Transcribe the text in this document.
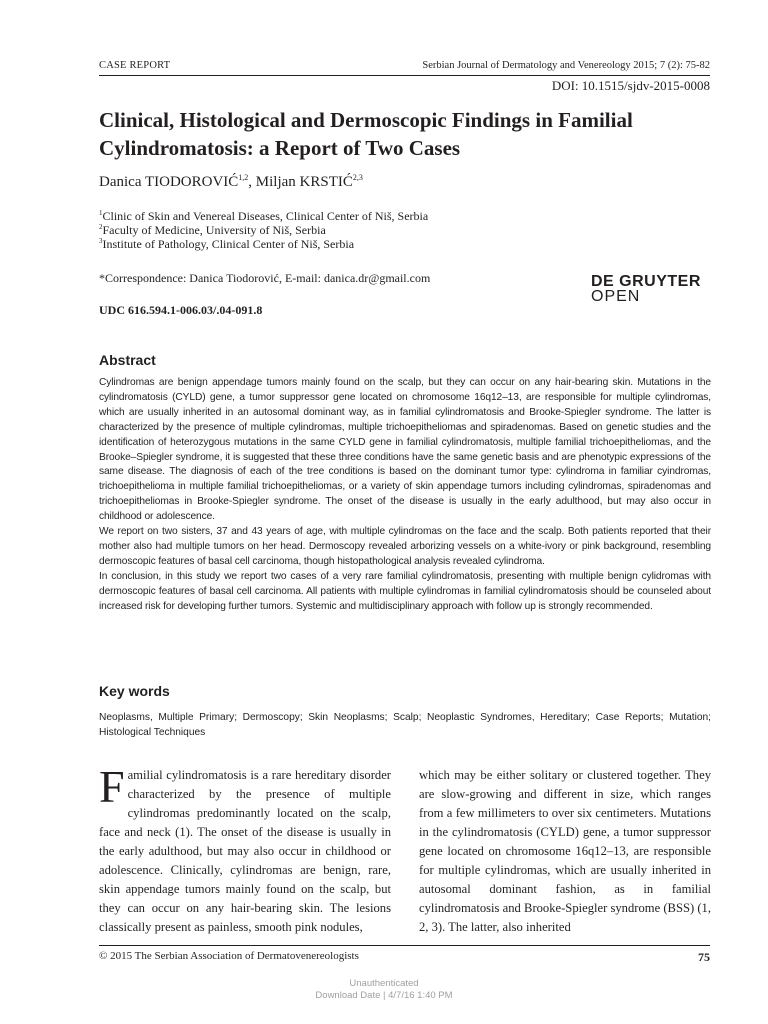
CASE REPORT	Serbian Journal of Dermatology and Venereology 2015; 7 (2): 75-82
DOI: 10.1515/sjdv-2015-0008
Clinical, Histological and Dermoscopic Findings in Familial Cylindromatosis: a Report of Two Cases
Danica TIODOROVIĆ$^{1,2}$, Miljan KRSTIĆ$^{2,3}$
$^1$Clinic of Skin and Venereal Diseases, Clinical Center of Niš, Serbia
$^2$Faculty of Medicine, University of Niš, Serbia
$^3$Institute of Pathology, Clinical Center of Niš, Serbia
*Correspondence: Danica Tiodorović, E-mail: danica.dr@gmail.com
UDC 616.594.1-006.03/.04-091.8
DE GRUYTER
OPEN
Abstract

Cylindromas are benign appendage tumors mainly found on the scalp, but they can occur on any hair-bearing skin. Mutations in the cylindromatosis (CYLD) gene, a tumor suppressor gene located on chromosome 16q12–13, are responsible for multiple cylindromas, which are usually inherited in an autosomal dominant way, as in familial cylindromatosis and Brooke-Spiegler syndrome. The latter is characterized by the presence of multiple cylindromas, multiple trichoepitheliomas and spiradenomas. Based on genetic studies and the identification of heterozygous mutations in the same CYLD gene in familial cylindromatosis, multiple familial trichoepitheliomas, and the Brooke–Spiegler syndrome, it is suggested that these three conditions have the same genetic basis and are phenotypic expressions of the same disease. The diagnosis of each of the tree conditions is based on the dominant tumor type: cylindroma in familiar cyindromas, trichoepithelioma in multiple familial trichoepitheliomas, or a variety of skin appendage tumors including cylindromas, spiradenomas and trichoepitheliomas in Brooke-Spiegler syndrome. The onset of the disease is usually in the early adulthood, but may also occur in childhood or adolescence.

We report on two sisters, 37 and 43 years of age, with multiple cylindromas on the face and the scalp. Both patients reported that their mother also had multiple tumors on her head. Dermoscopy revealed arborizing vessels on a white-ivory or pink background, resembling dermoscopic features of basal cell carcinoma, though histopathological analysis revealed cylindroma.

In conclusion, in this study we report two cases of a very rare familial cylindromatosis, presenting with multiple benign cylidromas with dermoscopic features of basal cell carcinoma. All patients with multiple cylindromas in familial cylindromatosis should be counseled about increased risk for developing further tumors. Systemic and multidisciplinary approach with follow up is strongly recommended.

Key words
Neoplasms, Multiple Primary; Dermoscopy; Skin Neoplasms; Scalp; Neoplastic Syndromes, Hereditary; Case Reports; Mutation; Histological Techniques

Familial cylindromatosis is a rare hereditary disorder characterized by the presence of multiple cylindromas predominantly located on the scalp, face and neck (1). The onset of the disease is usually in the early adulthood, but may also occur in childhood or adolescence. Clinically, cylindromas are benign, rare, skin appendage tumors mainly found on the scalp, but they can occur on any hair-bearing skin. The lesions classically present as painless, smooth pink nodules,

which may be either solitary or clustered together. They are slow-growing and different in size, which ranges from a few millimeters to over six centimeters. Mutations in the cylindromatosis (CYLD) gene, a tumor suppressor gene located on chromosome 16q12–13, are responsible for multiple cylindromas, which are usually inherited in autosomal dominant fashion, as in familial cylindromatosis and Brooke-Spiegler syndrome (BSS) (1, 2, 3). The latter, also inherited

© 2015 The Serbian Association of Dermatovenereologists	75
Unauthenticated
Download Date | 4/7/16 1:40 PM
